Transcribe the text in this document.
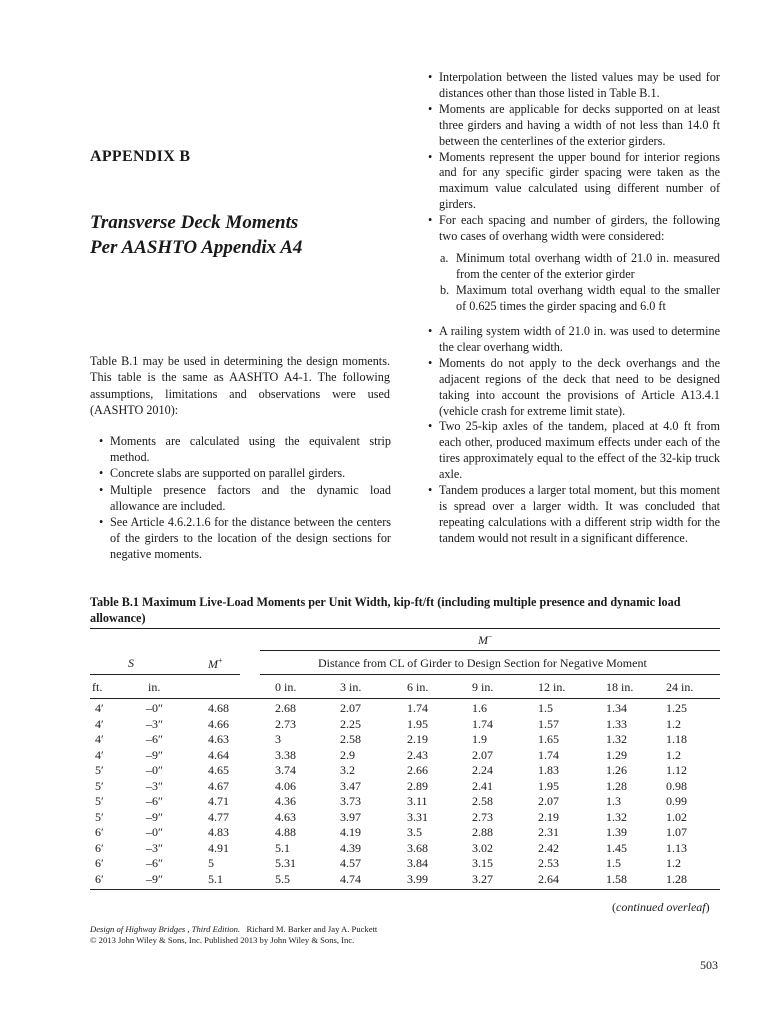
APPENDIX B
Transverse Deck Moments
Per AASHTO Appendix A4
Table B.1 may be used in determining the design moments. This table is the same as AASHTO A4-1. The following assumptions, limitations and observations were used (AASHTO 2010):
• Moments are calculated using the equivalent strip method.
• Concrete slabs are supported on parallel girders.
• Multiple presence factors and the dynamic load allowance are included.
• See Article 4.6.2.1.6 for the distance between the centers of the girders to the location of the design sections for negative moments.
• Interpolation between the listed values may be used for distances other than those listed in Table B.1.
• Moments are applicable for decks supported on at least three girders and having a width of not less than 14.0 ft between the centerlines of the exterior girders.
• Moments represent the upper bound for interior regions and for any specific girder spacing were taken as the maximum value calculated using different number of girders.
• For each spacing and number of girders, the following two cases of overhang width were considered:
a. Minimum total overhang width of 21.0 in. measured from the center of the exterior girder
b. Maximum total overhang width equal to the smaller of 0.625 times the girder spacing and 6.0 ft
• A railing system width of 21.0 in. was used to determine the clear overhang width.
• Moments do not apply to the deck overhangs and the adjacent regions of the deck that need to be designed taking into account the provisions of Article A13.4.1 (vehicle crash for extreme limit state).
• Two 25-kip axles of the tandem, placed at 4.0 ft from each other, produced maximum effects under each of the tires approximately equal to the effect of the 32-kip truck axle.
• Tandem produces a larger total moment, but this moment is spread over a larger width. It was concluded that repeating calculations with a different strip width for the tandem would not result in a significant difference.
Table B.1 Maximum Live-Load Moments per Unit Width, kip-ft/ft (including multiple presence and dynamic load allowance)
M−
S	M+	Distance from CL of Girder to Design Section for Negative Moment
ft.	in.	0 in.	3 in.	6 in.	9 in.	12 in.	18 in.	24 in.
4′	–0″	4.68	2.68	2.07	1.74	1.6	1.5	1.34	1.25
4′	–3″	4.66	2.73	2.25	1.95	1.74	1.57	1.33	1.2
4′	–6″	4.63	3	2.58	2.19	1.9	1.65	1.32	1.18
4′	–9″	4.64	3.38	2.9	2.43	2.07	1.74	1.29	1.2
5′	–0″	4.65	3.74	3.2	2.66	2.24	1.83	1.26	1.12
5′	–3″	4.67	4.06	3.47	2.89	2.41	1.95	1.28	0.98
5′	–6″	4.71	4.36	3.73	3.11	2.58	2.07	1.3	0.99
5′	–9″	4.77	4.63	3.97	3.31	2.73	2.19	1.32	1.02
6′	–0″	4.83	4.88	4.19	3.5	2.88	2.31	1.39	1.07
6′	–3″	4.91	5.1	4.39	3.68	3.02	2.42	1.45	1.13
6′	–6″	5	5.31	4.57	3.84	3.15	2.53	1.5	1.2
6′	–9″	5.1	5.5	4.74	3.99	3.27	2.64	1.58	1.28
(continued overleaf)
Design of Highway Bridges , Third Edition. Richard M. Barker and Jay A. Puckett
© 2013 John Wiley & Sons, Inc. Published 2013 by John Wiley & Sons, Inc.
503
